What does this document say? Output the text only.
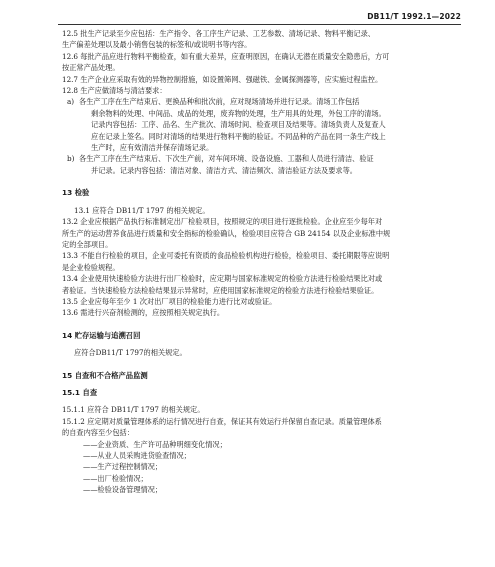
DB11/T 1992.1—2022
12.5 批生产记录至少应包括：生产指令、各工序生产记录、工艺参数、清场记录、物料平衡记录、
生产偏差处理以及最小销售包装的标签和/或说明书等内容。
12.6 每批产品应进行物料平衡检查，如有重大差异，应查明原因，在确认无潜在质量安全隐患后，方可
按正常产品处理。
12.7 生产企业应采取有效的异物控制措施，如设置筛网、强磁铁、金属探测器等，应实施过程监控。
12.8 生产应做清场与清洁要求：
a) 各生产工序在生产结束后、更换品种和批次前，应对现场清场并进行记录。清场工作包括
剩余物料的处理、中间品、成品的处理，废弃物的处理，生产用具的处理，外包工序的清场。
记录内容包括：工序、品名、生产批次、清场时间、检查项目及结果等。清场负责人及复查人
应在记录上签名。同时对清场的结果进行物料平衡的验证。不同品种的产品在同一条生产线上
生产时，应有效清洁并保存清场记录。
b) 各生产工序在生产结束后、下次生产前，对车间环境、设备设施、工器和人员进行清洁、验证
并记录。记录内容包括：清洁对象、清洁方式、清洁频次、清洁验证方法及要求等。
13 检验
13.1 应符合 DB11/T 1797 的相关规定。
13.2 企业应根据产品执行标准制定出厂检验项目，按照规定的项目进行逐批检验。企业应至少每年对
所生产的运动营养食品进行质量和安全指标的检验确认，检验项目应符合 GB 24154 以及企业标准中规
定的全部项目。
13.3 不能自行检验的项目，企业可委托有资质的食品检验机构进行检验，检验项目、委托期限等应说明
是企业检验规程。
13.4 企业使用快速检验方法进行出厂检验时，应定期与国家标准规定的检验方法进行检验结果比对或
者验证。当快速检验方法检验结果显示异常时，应使用国家标准规定的检验方法进行检验结果验证。
13.5 企业应每年至少 1 次对出厂项目的检验能力进行比对或验证。
13.6 需进行兴奋剂检测的，应按照相关规定执行。
14 贮存运输与追溯召回
应符合DB11/T 1797的相关规定。
15 自查和不合格产品监测
15.1 自查
15.1.1 应符合 DB11/T 1797 的相关规定。
15.1.2 应定期对质量管理体系的运行情况进行自查，保证其有效运行并保留自查记录。质量管理体系
的自查内容至少包括：
——企业资质、生产许可品种明细变化情况；
——从业人员采购进货验查情况；
——生产过程控制情况；
——出厂检验情况；
——检验设备管理情况；
